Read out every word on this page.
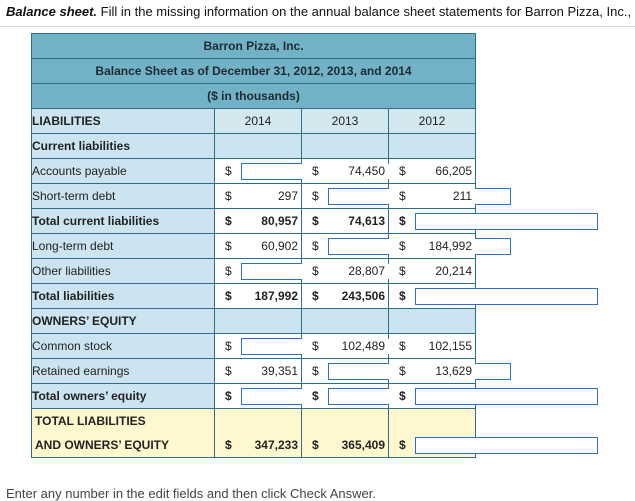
Balance sheet. Fill in the missing information on the annual balance sheet statements for Barron Pizza, Inc.,
Barron Pizza, Inc.			
Balance Sheet as of December 31, 2012, 2013, and 2014			
($ in thousands)			
LIABILITIES	2014	2013	2012
Current liabilities			
Accounts payable	$	$ 74,450	$ 66,205

Short-term debt	$ 297	$	$ 211

Total current liabilities	$ 80,957	$ 74,613	$

Long-term debt	$ 60,902	$	$ 184,992

Other liabilities	$	$ 28,807	$ 20,214

Total liabilities	$ 187,992	$ 243,506	$

OWNERS’ EQUITY			
Common stock	$	$ 102,489	$ 102,155

Retained earnings	$ 39,351	$	$ 13,629

Total owners’ equity	$	$	$

TOTAL LIABILITIES			
AND OWNERS’ EQUITY	$ 347,233	$ 365,409	$
Enter any number in the edit fields and then click Check Answer.
